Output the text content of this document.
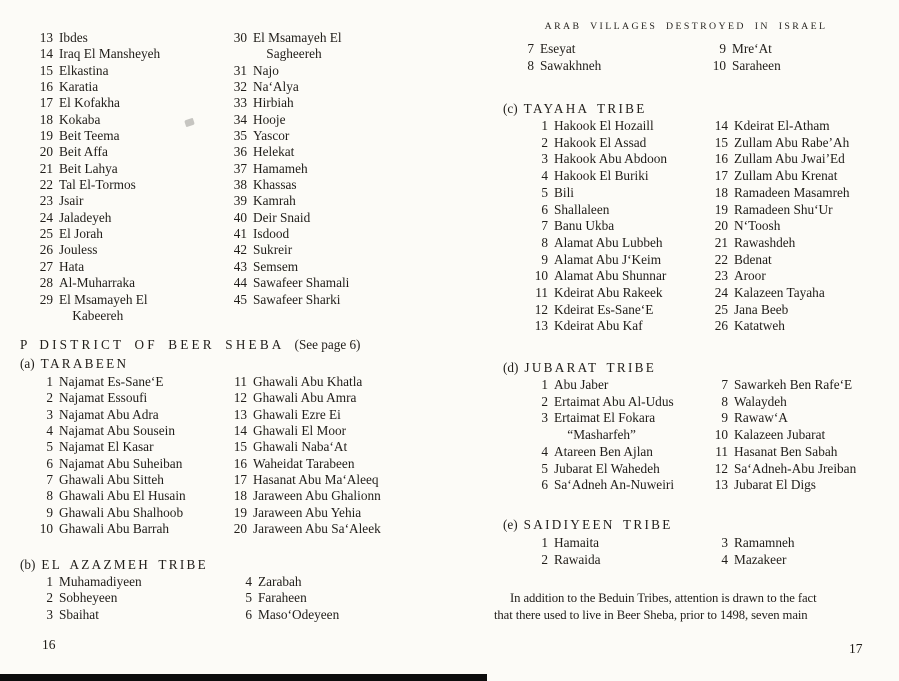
13 Ibdes
14 Iraq El Mansheyeh
15 Elkastina
16 Karatia
17 El Kofakha
18 Kokaba
19 Beit Teema
20 Beit Affa
21 Beit Lahya
22 Tal El-Tormos
23 Jsair
24 Jaladeyeh
25 El Jorah
26 Jouless
27 Hata
28 Al-Muharraka
29 El Msamayeh El
 Kabeereh
30 El Msamayeh El
 Sagheereh
31 Najo
32 Na‘Alya
33 Hirbiah
34 Hooje
35 Yascor
36 Helekat
37 Hamameh
38 Khassas
39 Kamrah
40 Deir Snaid
41 Isdood
42 Sukreir
43 Semsem
44 Sawafeer Shamali
45 Sawafeer Sharki
P DISTRICT OF BEER SHEBA (See page 6)
(a) TARABEEN
1 Najamat Es-Sane‘E
2 Najamat Essoufi
3 Najamat Abu Adra
4 Najamat Abu Sousein
5 Najamat El Kasar
6 Najamat Abu Suheiban
7 Ghawali Abu Sitteh
8 Ghawali Abu El Husain
9 Ghawali Abu Shalhoob
10 Ghawali Abu Barrah
11 Ghawali Abu Khatla
12 Ghawali Abu Amra
13 Ghawali Ezre Ei
14 Ghawali El Moor
15 Ghawali Naba‘At
16 Waheidat Tarabeen
17 Hasanat Abu Ma‘Aleeq
18 Jaraween Abu Ghalionn
19 Jaraween Abu Yehia
20 Jaraween Abu Sa‘Aleek
(b) EL AZAZMEH TRIBE
1 Muhamadiyeen
2 Sobheyeen
3 Sbaihat
4 Zarabah
5 Faraheen
6 Maso‘Odeyeen
16
ARAB VILLAGES DESTROYED IN ISRAEL
7 Eseyat
8 Sawakhneh
9 Mre‘At
10 Saraheen
(c) TAYAHA TRIBE
1 Hakook El Hozaill
2 Hakook El Assad
3 Hakook Abu Abdoon
4 Hakook El Buriki
5 Bili
6 Shallaleen
7 Banu Ukba
8 Alamat Abu Lubbeh
9 Alamat Abu J‘Keim
10 Alamat Abu Shunnar
11 Kdeirat Abu Rakeek
12 Kdeirat Es-Sane‘E
13 Kdeirat Abu Kaf
14 Kdeirat El-Atham
15 Zullam Abu Rabe’Ah
16 Zullam Abu Jwai’Ed
17 Zullam Abu Krenat
18 Ramadeen Masamreh
19 Ramadeen Shu‘Ur
20 N‘Toosh
21 Rawashdeh
22 Bdenat
23 Aroor
24 Kalazeen Tayaha
25 Jana Beeb
26 Katatweh
(d) JUBARAT TRIBE
1 Abu Jaber
2 Ertaimat Abu Al-Udus
3 Ertaimat El Fokara
 “Masharfeh”
4 Atareen Ben Ajlan
5 Jubarat El Wahedeh
6 Sa‘Adneh An-Nuweiri
7 Sawarkeh Ben Rafe‘E
8 Walaydeh
9 Rawaw‘A
10 Kalazeen Jubarat
11 Hasanat Ben Sabah
12 Sa‘Adneh-Abu Jreiban
13 Jubarat El Digs
(e) SAIDIYEEN TRIBE
1 Hamaita
2 Rawaida
3 Ramamneh
4 Mazakeer
In addition to the Beduin Tribes, attention is drawn to the fact
that there used to live in Beer Sheba, prior to 1498, seven main
17
